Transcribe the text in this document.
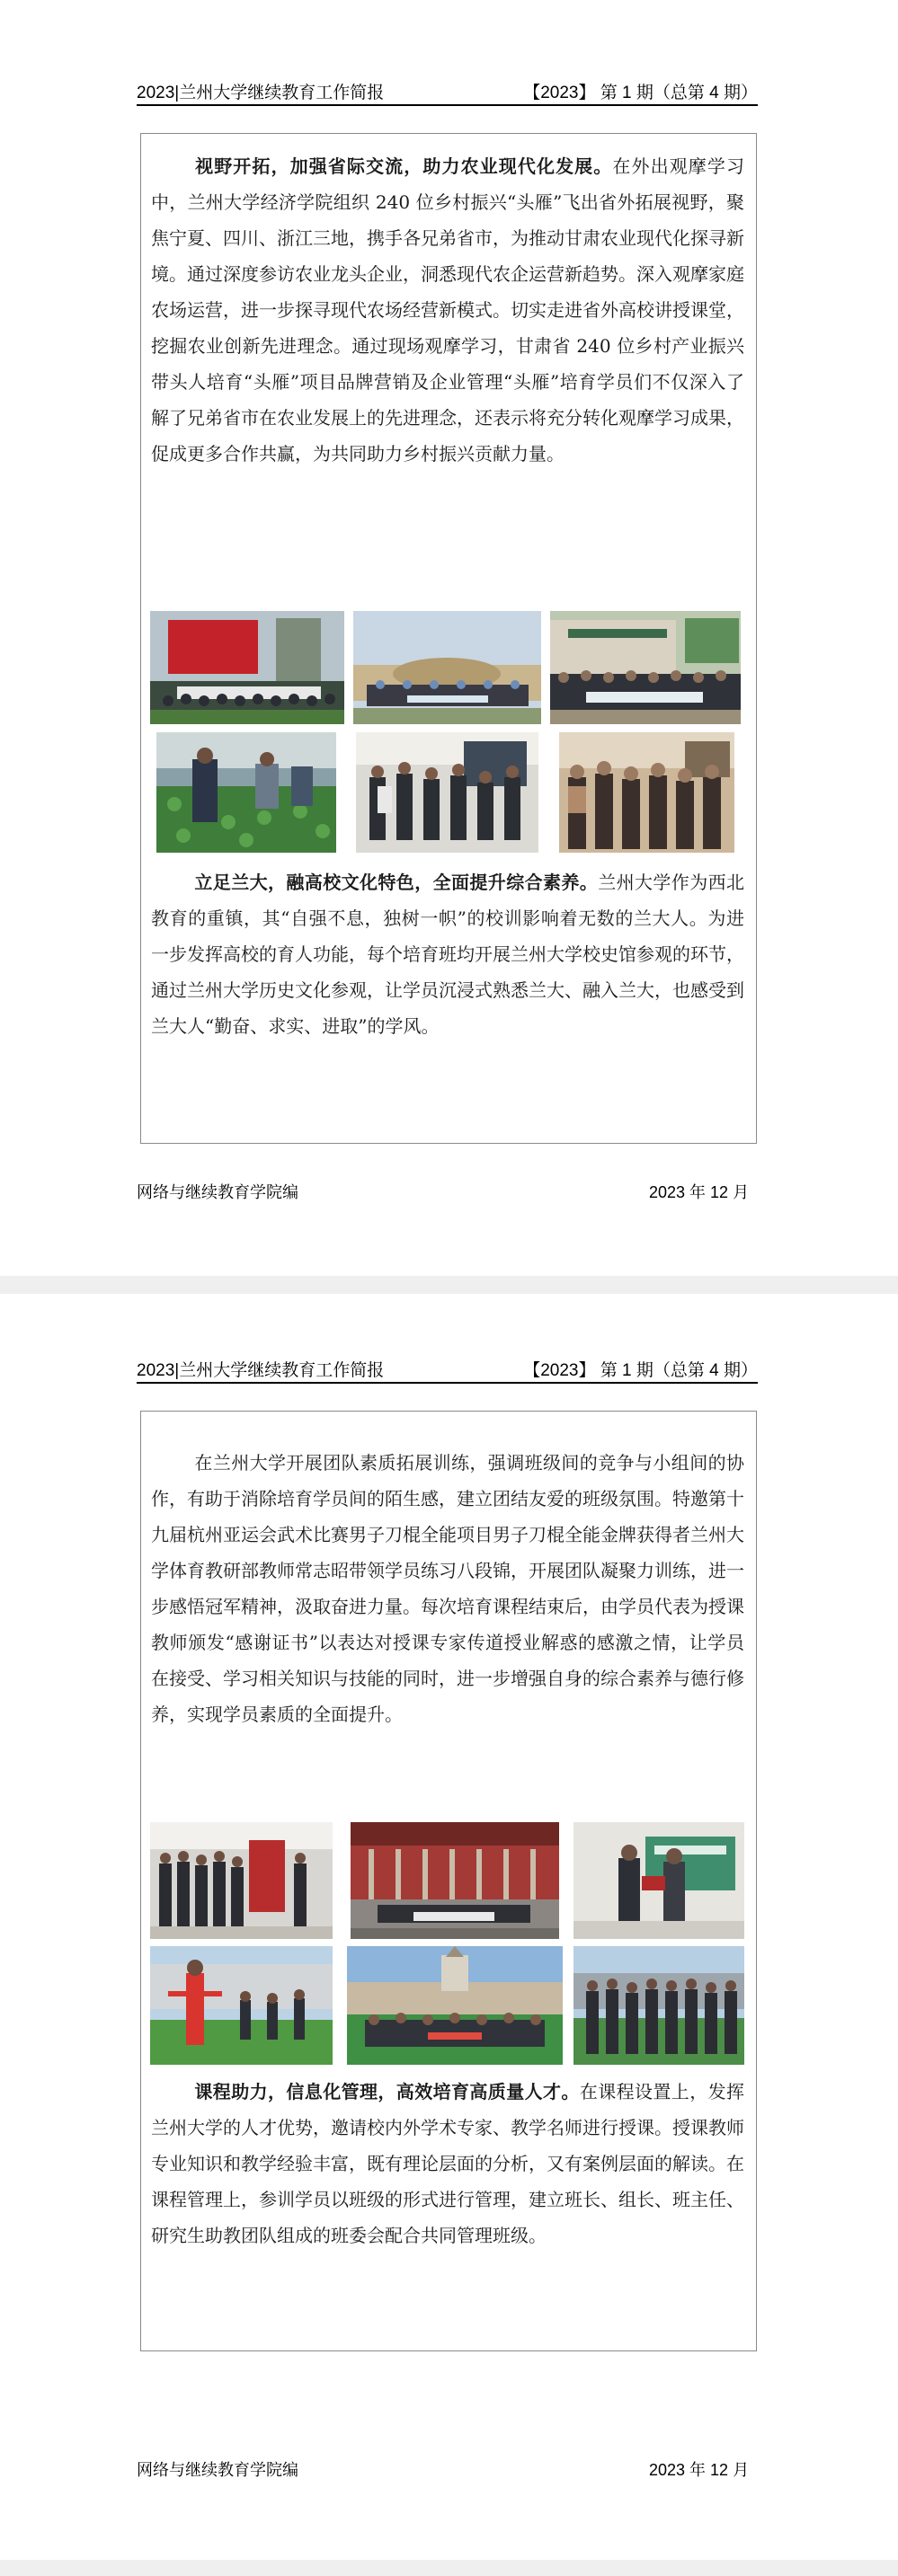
2023|兰州大学继续教育工作简报	【2023】 第 1 期（总第 4 期）

视野开拓，加强省际交流，助力农业现代化发展。在外出观摩学习中，兰州大学经济学院组织 240 位乡村振兴“头雁”飞出省外拓展视野，聚焦宁夏、四川、浙江三地，携手各兄弟省市，为推动甘肃农业现代化探寻新境。通过深度参访农业龙头企业，洞悉现代农企运营新趋势。深入观摩家庭农场运营，进一步探寻现代农场经营新模式。切实走进省外高校讲授课堂，挖掘农业创新先进理念。通过现场观摩学习，甘肃省 240 位乡村产业振兴带头人培育“头雁”项目品牌营销及企业管理“头雁”培育学员们不仅深入了解了兄弟省市在农业发展上的先进理念，还表示将充分转化观摩学习成果，促成更多合作共赢，为共同助力乡村振兴贡献力量。

立足兰大，融高校文化特色，全面提升综合素养。兰州大学作为西北教育的重镇，其“自强不息，独树一帜”的校训影响着无数的兰大人。为进一步发挥高校的育人功能，每个培育班均开展兰州大学校史馆参观的环节，通过兰州大学历史文化参观，让学员沉浸式熟悉兰大、融入兰大，也感受到兰大人“勤奋、求实、进取”的学风。

网络与继续教育学院编	2023 年 12 月
2023|兰州大学继续教育工作简报	【2023】 第 1 期（总第 4 期）

在兰州大学开展团队素质拓展训练，强调班级间的竞争与小组间的协作，有助于消除培育学员间的陌生感，建立团结友爱的班级氛围。特邀第十九届杭州亚运会武术比赛男子刀棍全能项目男子刀棍全能金牌获得者兰州大学体育教研部教师常志昭带领学员练习八段锦，开展团队凝聚力训练，进一步感悟冠军精神，汲取奋进力量。每次培育课程结束后，由学员代表为授课教师颁发“感谢证书”以表达对授课专家传道授业解惑的感激之情，让学员在接受、学习相关知识与技能的同时，进一步增强自身的综合素养与德行修养，实现学员素质的全面提升。

课程助力，信息化管理，高效培育高质量人才。在课程设置上，发挥兰州大学的人才优势，邀请校内外学术专家、教学名师进行授课。授课教师专业知识和教学经验丰富，既有理论层面的分析，又有案例层面的解读。在课程管理上，参训学员以班级的形式进行管理，建立班长、组长、班主任、研究生助教团队组成的班委会配合共同管理班级。

网络与继续教育学院编	2023 年 12 月
